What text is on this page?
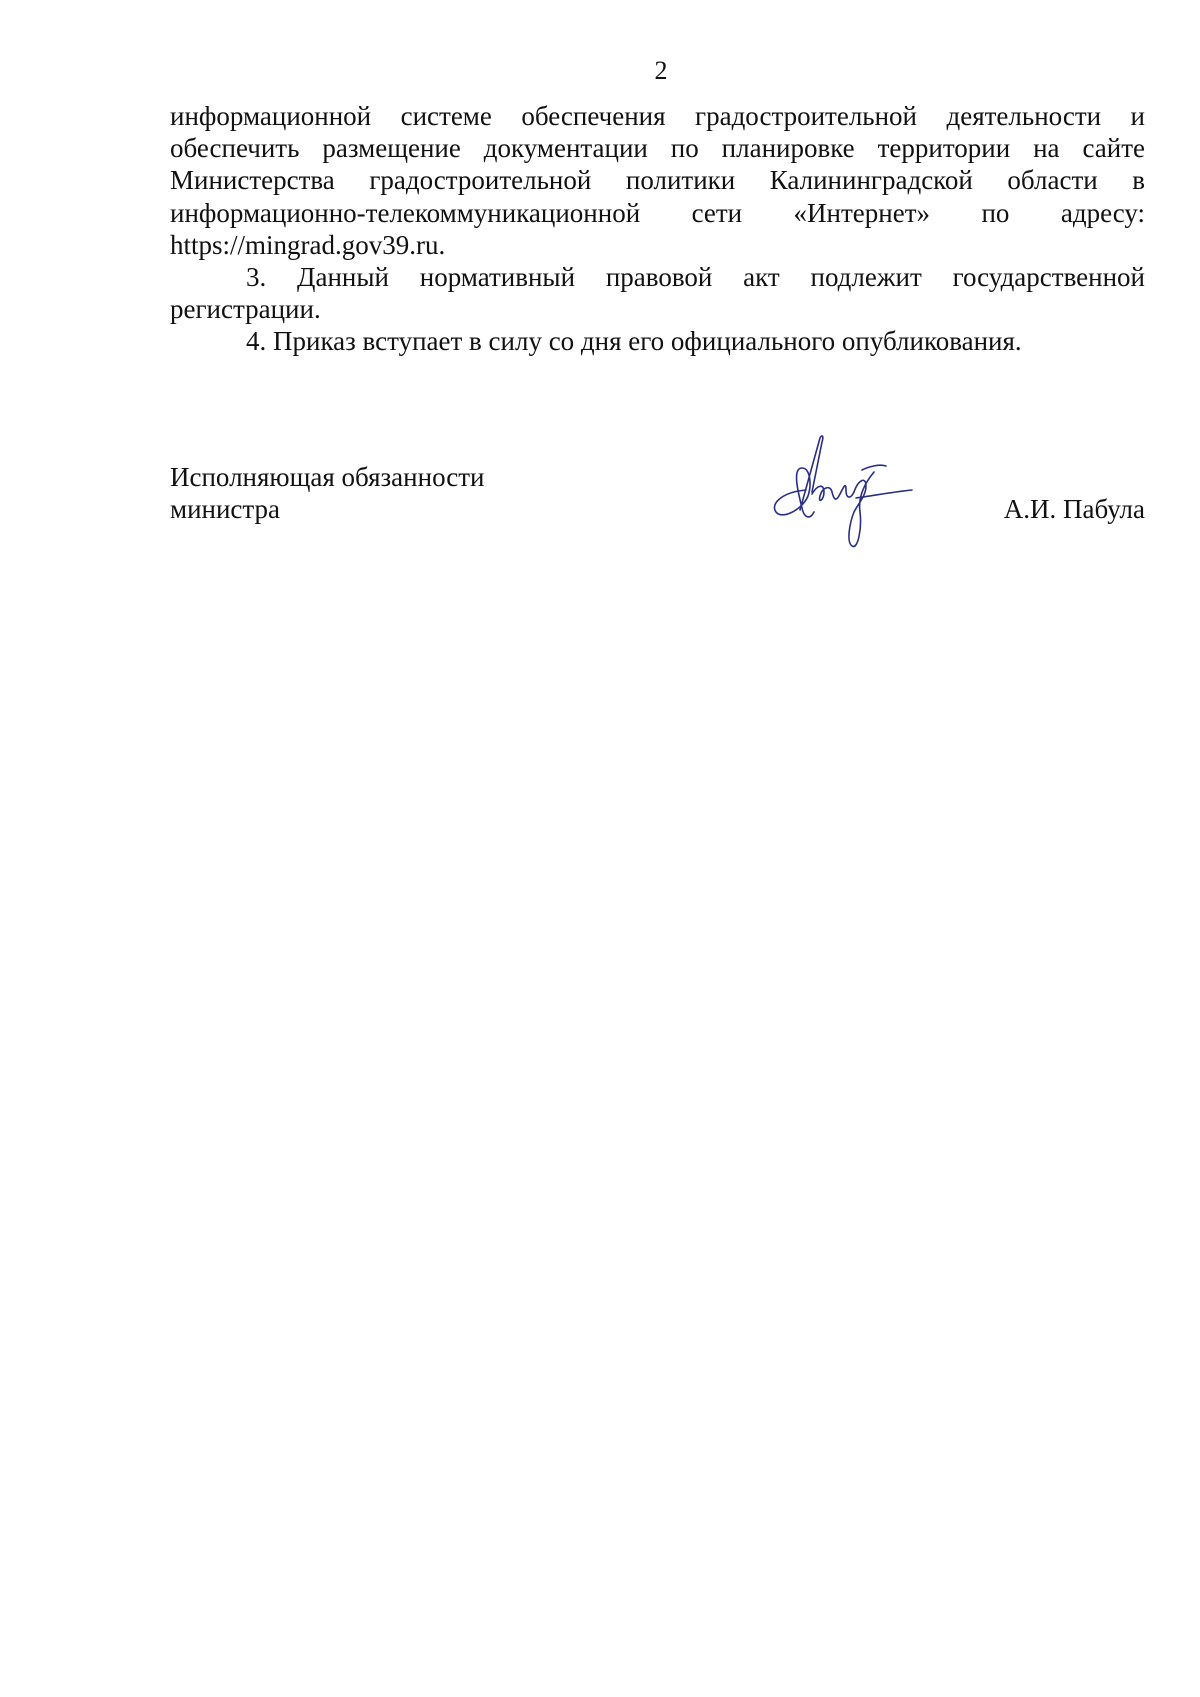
2

информационной системе обеспечения градостроительной деятельности и обеспечить размещение документации по планировке территории на сайте Министерства градостроительной политики Калининградской области в информационно-телекоммуникационной сети «Интернет» по адресу: https://mingrad.gov39.ru.

3. Данный нормативный правовой акт подлежит государственной регистрации.

4. Приказ вступает в силу со дня его официального опубликования.

Исполняющая обязанности
министра	А.И. Пабула
